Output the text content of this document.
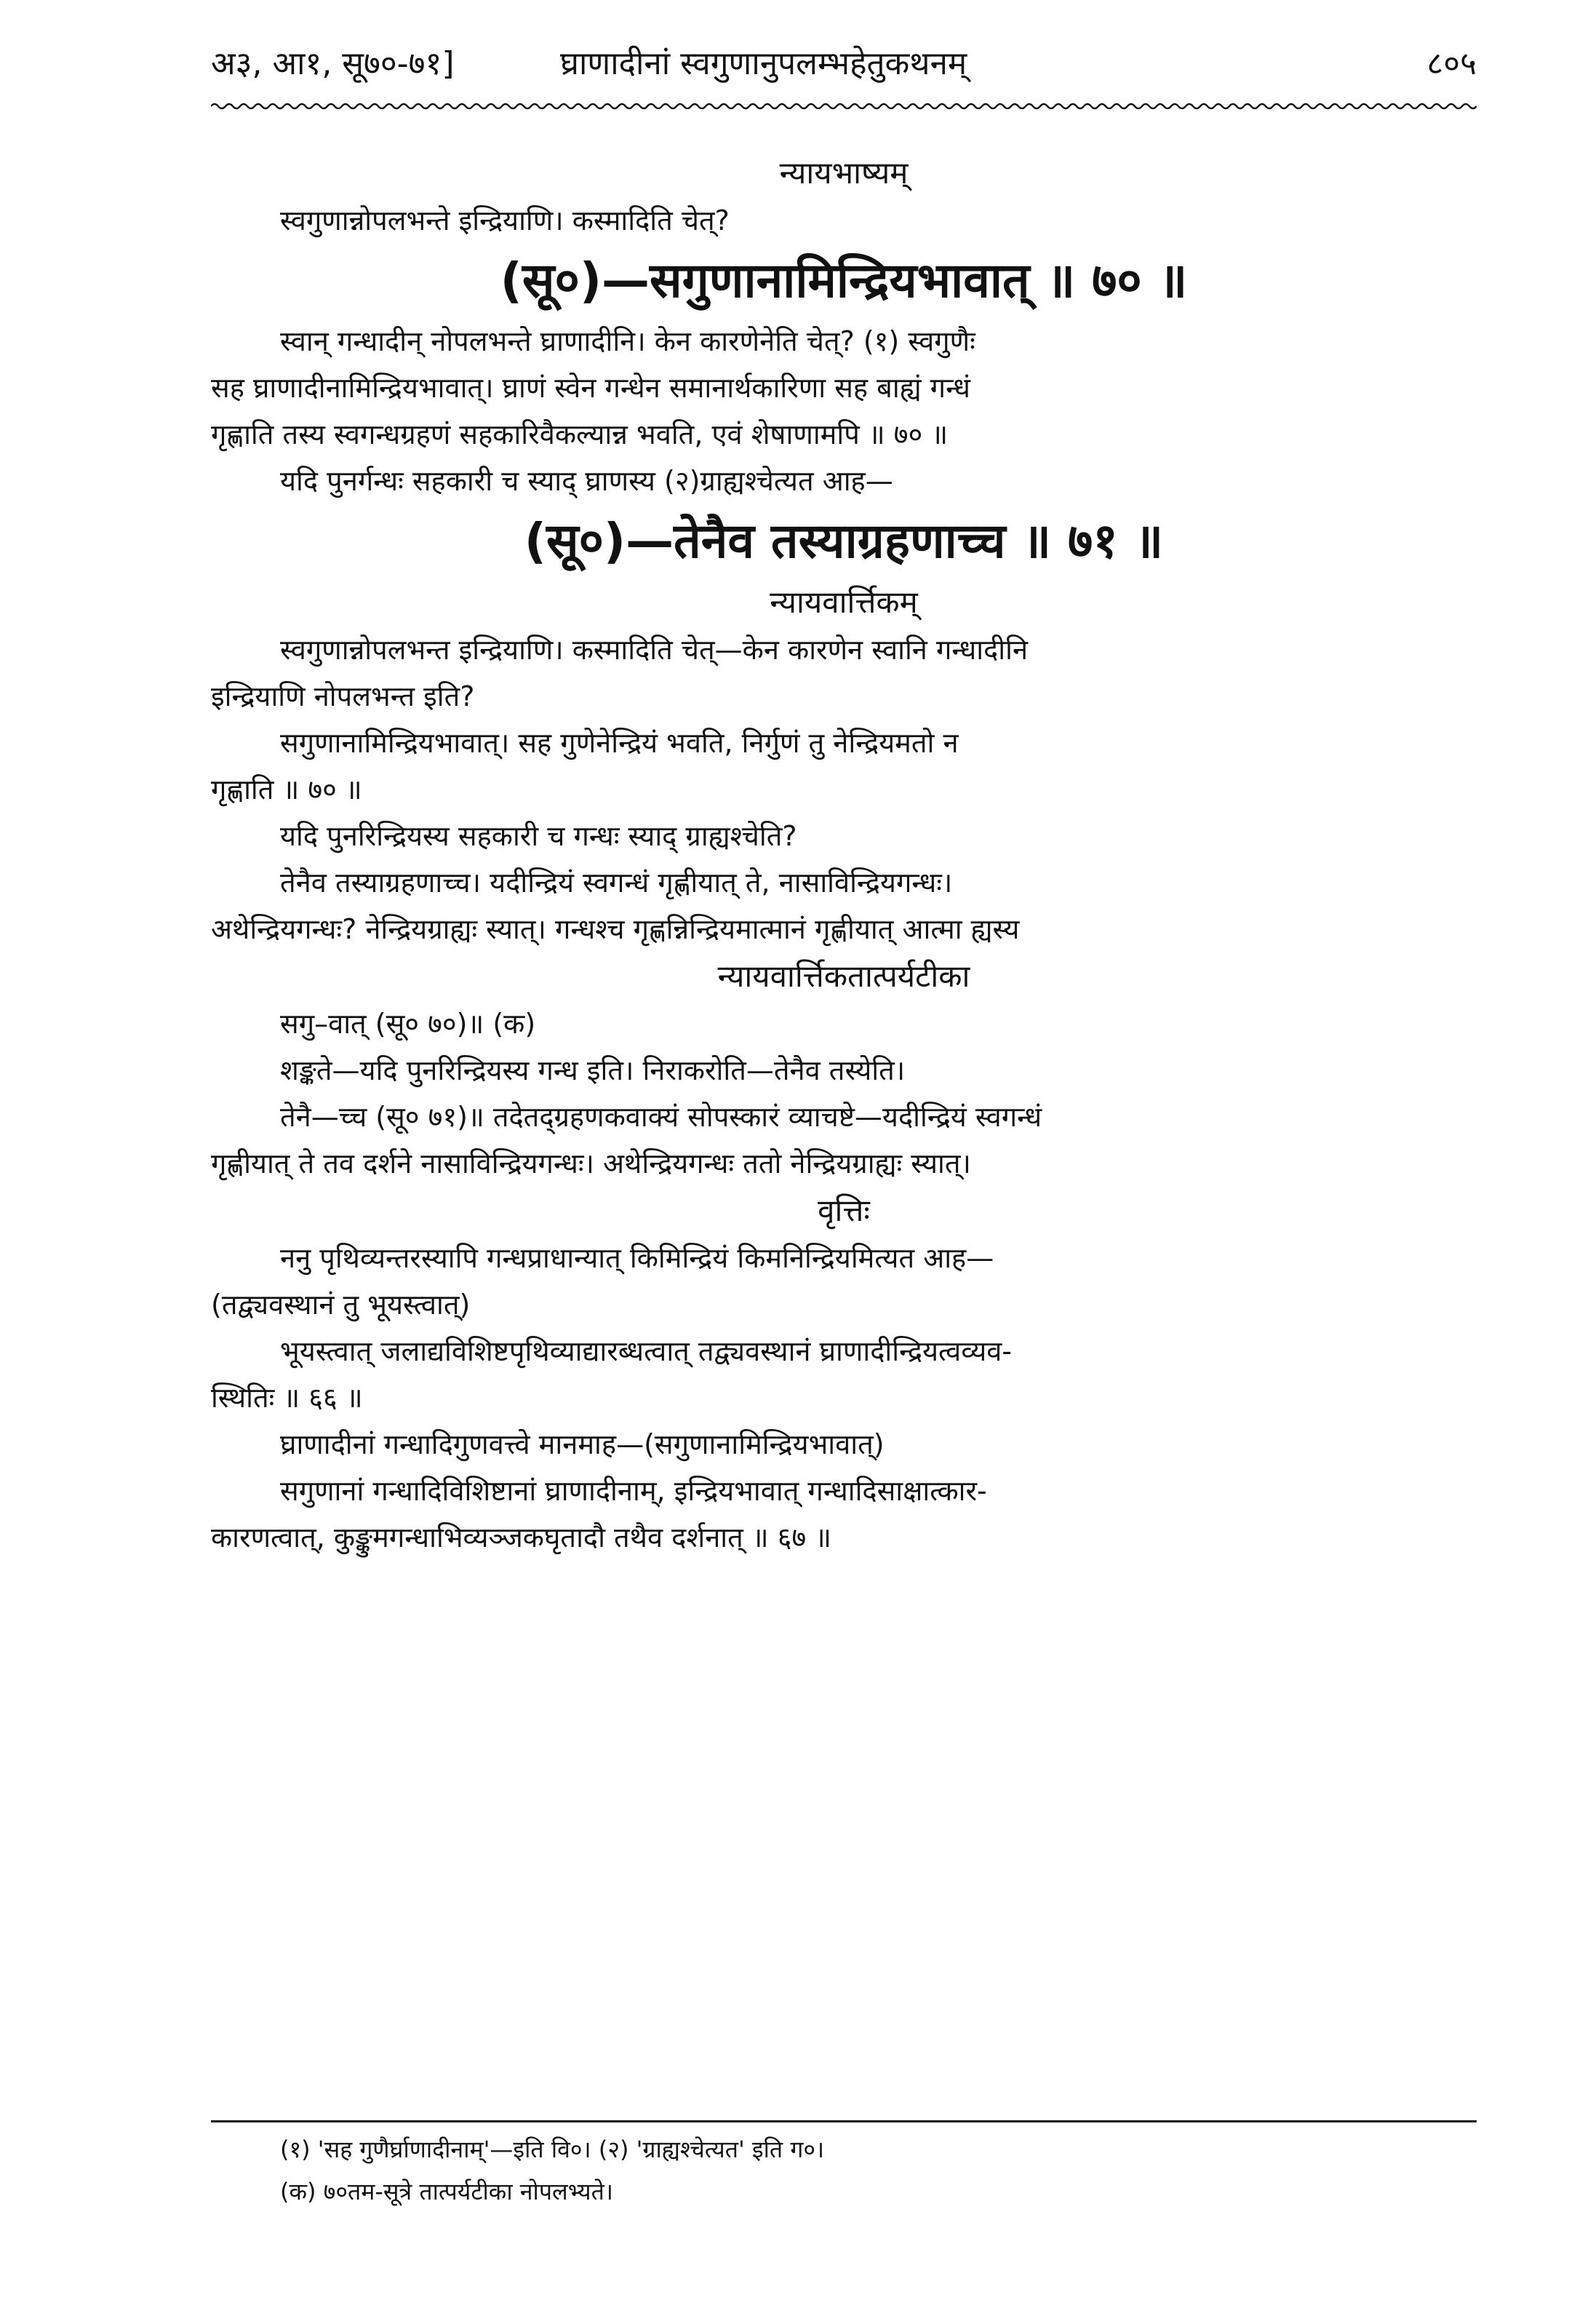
अ३, आ१, सू७०-७१]	घ्राणादीनां स्वगुणानुपलम्भहेतुकथनम्	८०५
न्यायभाष्यम्
स्वगुणान्नोपलभन्ते इन्द्रियाणि। कस्मादिति चेत्?
(सू०)—सगुणानामिन्द्रियभावात् ॥ ७० ॥
स्वान् गन्धादीन् नोपलभन्ते घ्राणादीनि। केन कारणेनेति चेत्? (१) स्वगुणैः
सह घ्राणादीनामिन्द्रियभावात्। घ्राणं स्वेन गन्धेन समानार्थकारिणा सह बाह्यं गन्धं
गृह्णाति तस्य स्वगन्धग्रहणं सहकारिवैकल्यान्न भवति, एवं शेषाणामपि ॥ ७० ॥
यदि पुनर्गन्धः सहकारी च स्याद् घ्राणस्य (२)ग्राह्यश्चेत्यत आह—
(सू०)—तेनैव तस्याग्रहणाच्च ॥ ७१ ॥
न्यायवार्त्तिकम्
स्वगुणान्नोपलभन्त इन्द्रियाणि। कस्मादिति चेत्—केन कारणेन स्वानि गन्धादीनि
इन्द्रियाणि नोपलभन्त इति?
सगुणानामिन्द्रियभावात्। सह गुणेनेन्द्रियं भवति, निर्गुणं तु नेन्द्रियमतो न
गृह्णाति ॥ ७० ॥
यदि पुनरिन्द्रियस्य सहकारी च गन्धः स्याद् ग्राह्यश्चेति?
तेनैव तस्याग्रहणाच्च। यदीन्द्रियं स्वगन्धं गृह्णीयात् ते, नासाविन्द्रियगन्धः।
अथेन्द्रियगन्धः? नेन्द्रियग्राह्यः स्यात्। गन्धश्च गृह्णन्निन्द्रियमात्मानं गृह्णीयात् आत्मा ह्यस्य
न्यायवार्त्तिकतात्पर्यटीका
सगु–वात् (सू० ७०)॥ (क)
शङ्कते—यदि पुनरिन्द्रियस्य गन्ध इति। निराकरोति—तेनैव तस्येति।
तेनै—च्च (सू० ७१)॥ तदेतद्ग्रहणकवाक्यं सोपस्कारं व्याचष्टे—यदीन्द्रियं स्वगन्धं
गृह्णीयात् ते तव दर्शने नासाविन्द्रियगन्धः। अथेन्द्रियगन्धः ततो नेन्द्रियग्राह्यः स्यात्।
वृत्तिः
ननु पृथिव्यन्तरस्यापि गन्धप्राधान्यात् किमिन्द्रियं किमनिन्द्रियमित्यत आह—
(तद्व्यवस्थानं तु भूयस्त्वात्)
भूयस्त्वात् जलाद्यविशिष्टपृथिव्याद्यारब्धत्वात् तद्व्यवस्थानं घ्राणादीन्द्रियत्वव्यव-
स्थितिः ॥ ६६ ॥
घ्राणादीनां गन्धादिगुणवत्त्वे मानमाह—(सगुणानामिन्द्रियभावात्)
सगुणानां गन्धादिविशिष्टानां घ्राणादीनाम्, इन्द्रियभावात् गन्धादिसाक्षात्कार-
कारणत्वात्, कुङ्कुमगन्धाभिव्यञ्जकघृतादौ तथैव दर्शनात् ॥ ६७ ॥
(१) 'सह गुणैर्घ्राणादीनाम्'—इति वि०। (२) 'ग्राह्यश्चेत्यत' इति ग०।
(क) ७०तम-सूत्रे तात्पर्यटीका नोपलभ्यते।
